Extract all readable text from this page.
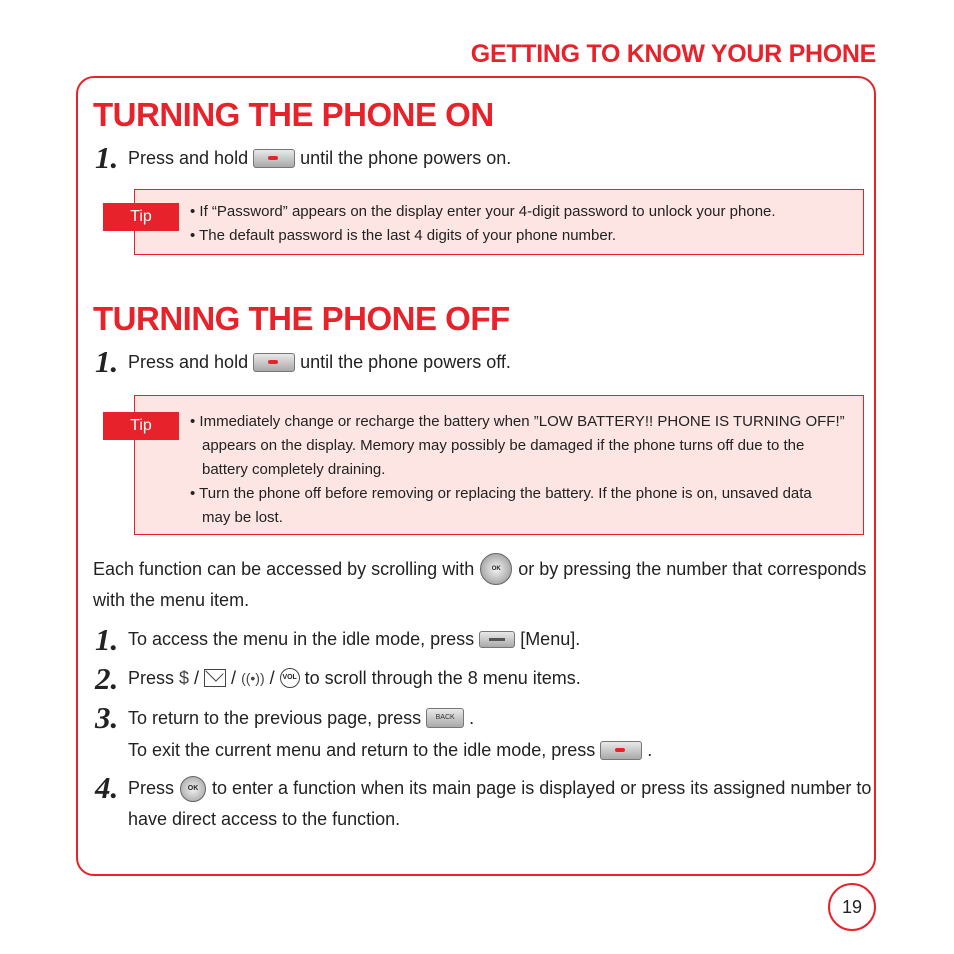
GETTING TO KNOW YOUR PHONE
TURNING THE PHONE ON
1. Press and hold	until the phone powers on.
• If “Password” appears on the display enter your 4-digit password to unlock your phone.
• The default password is the last 4 digits of your phone number.
Tip
TURNING THE PHONE OFF
1. Press and hold	until the phone powers off.
• Immediately change or recharge the battery when ”LOW BATTERY!! PHONE IS TURNING OFF!”
appears on the display. Memory may possibly be damaged if the phone turns off due to the
battery completely draining.
• Turn the phone off before removing or replacing the battery. If the phone is on, unsaved data
may be lost.
Tip
Each function can be accessed by scrolling with	OK or by pressing the number that corresponds
with the menu item.
1. To access the menu in the idle mode, press	[Menu].
2. Press $ / / ((•)) /	VOL to scroll through the 8 menu items.
3. To return to the previous page, press	BACK .
To exit the current menu and return to the idle mode, press	.
4. Press	OK to enter a function when its main page is displayed or press its assigned number to
have direct access to the function.
19
